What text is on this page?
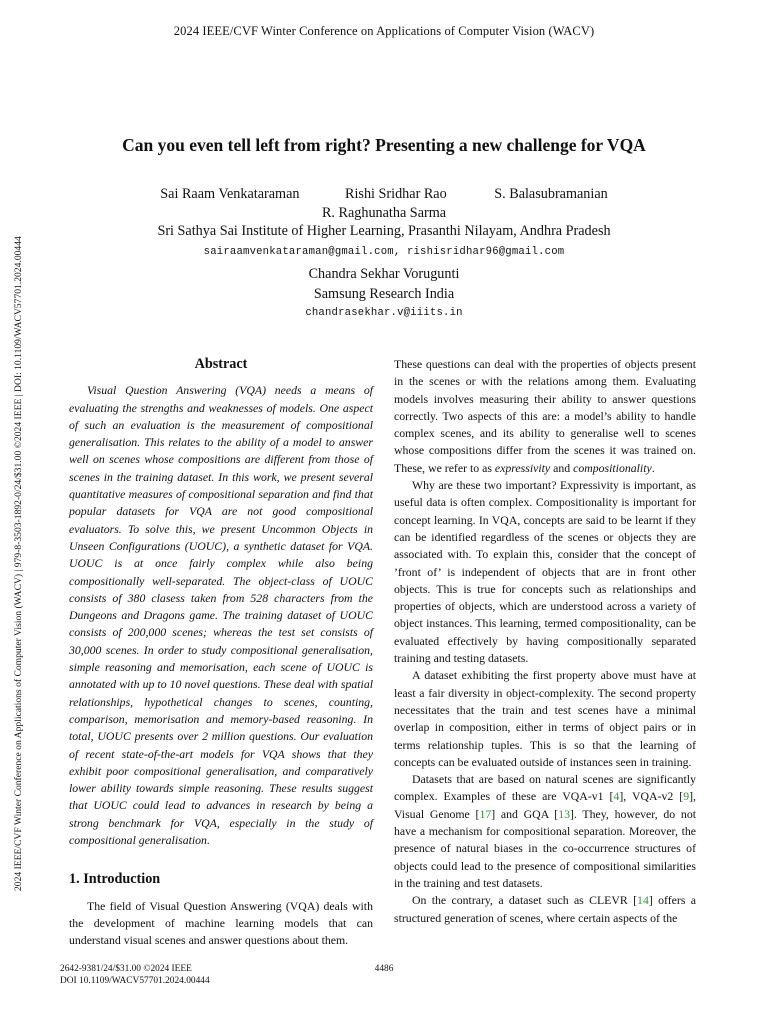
2024 IEEE/CVF Winter Conference on Applications of Computer Vision (WACV)
2024 IEEE/CVF Winter Conference on Applications of Computer Vision (WACV) | 979-8-3503-1892-0/24/$31.00 ©2024 IEEE | DOI: 10.1109/WACV57701.2024.00444
Can you even tell left from right? Presenting a new challenge for VQA
Sai Raam Venkataraman	Rishi Sridhar Rao	S. Balasubramanian
R. Raghunatha Sarma
Sri Sathya Sai Institute of Higher Learning, Prasanthi Nilayam, Andhra Pradesh
sairaamvenkataraman@gmail.com, rishisridhar96@gmail.com
Chandra Sekhar Vorugunti
Samsung Research India
chandrasekhar.v@iiits.in
Abstract

Visual Question Answering (VQA) needs a means of evaluating the strengths and weaknesses of models. One aspect of such an evaluation is the measurement of compositional generalisation. This relates to the ability of a model to answer well on scenes whose compositions are different from those of scenes in the training dataset. In this work, we present several quantitative measures of compositional separation and find that popular datasets for VQA are not good compositional evaluators. To solve this, we present Uncommon Objects in Unseen Configurations (UOUC), a synthetic dataset for VQA. UOUC is at once fairly complex while also being compositionally well-separated. The object-class of UOUC consists of 380 clasess taken from 528 characters from the Dungeons and Dragons game. The training dataset of UOUC consists of 200,000 scenes; whereas the test set consists of 30,000 scenes. In order to study compositional generalisation, simple reasoning and memorisation, each scene of UOUC is annotated with up to 10 novel questions. These deal with spatial relationships, hypothetical changes to scenes, counting, comparison, memorisation and memory-based reasoning. In total, UOUC presents over 2 million questions. Our evaluation of recent state-of-the-art models for VQA shows that they exhibit poor compositional generalisation, and comparatively lower ability towards simple reasoning. These results suggest that UOUC could lead to advances in research by being a strong benchmark for VQA, especially in the study of compositional generalisation.

1. Introduction

The field of Visual Question Answering (VQA) deals with the development of machine learning models that can understand visual scenes and answer questions about them.

These questions can deal with the properties of objects present in the scenes or with the relations among them. Evaluating models involves measuring their ability to answer questions correctly. Two aspects of this are: a model’s ability to handle complex scenes, and its ability to generalise well to scenes whose compositions differ from the scenes it was trained on. These, we refer to as expressivity and compositionality.

Why are these two important? Expressivity is important, as useful data is often complex. Compositionality is important for concept learning. In VQA, concepts are said to be learnt if they can be identified regardless of the scenes or objects they are associated with. To explain this, consider that the concept of ’front of’ is independent of objects that are in front other objects. This is true for concepts such as relationships and properties of objects, which are understood across a variety of object instances. This learning, termed compositionality, can be evaluated effectively by having compositionally separated training and testing datasets.

A dataset exhibiting the first property above must have at least a fair diversity in object-complexity. The second property necessitates that the train and test scenes have a minimal overlap in composition, either in terms of object pairs or in terms relationship tuples. This is so that the learning of concepts can be evaluated outside of instances seen in training.

Datasets that are based on natural scenes are significantly complex. Examples of these are VQA-v1 [4], VQA-v2 [9], Visual Genome [17] and GQA [13]. They, however, do not have a mechanism for compositional separation. Moreover, the presence of natural biases in the co-occurrence structures of objects could lead to the presence of compositional similarities in the training and test datasets.

On the contrary, a dataset such as CLEVR [14] offers a structured generation of scenes, where certain aspects of the

2642-9381/24/$31.00 ©2024 IEEE
DOI 10.1109/WACV57701.2024.00444
4486
